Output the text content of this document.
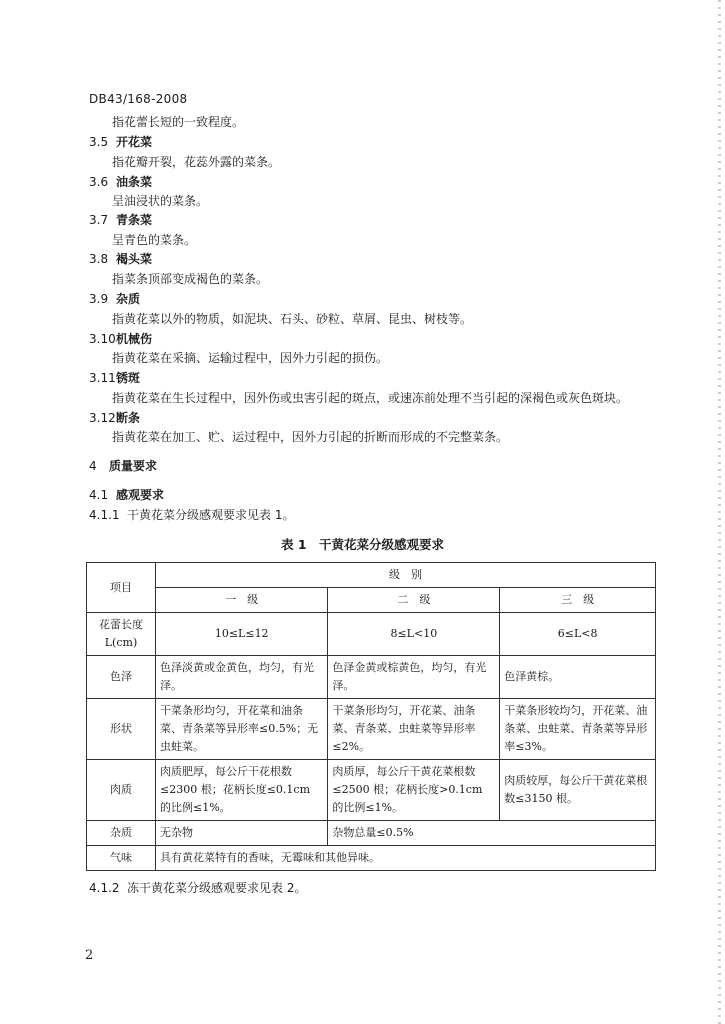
DB43/168-2008
指花蕾长短的一致程度。
3.5 开花菜
指花瓣开裂，花蕊外露的菜条。
3.6 油条菜
呈油浸状的菜条。
3.7 青条菜
呈青色的菜条。
3.8 褐头菜
指菜条顶部变成褐色的菜条。
3.9 杂质
指黄花菜以外的物质，如泥块、石头、砂粒、草屑、昆虫、树枝等。
3.10机械伤
指黄花菜在采摘、运输过程中，因外力引起的损伤。
3.11锈斑
指黄花菜在生长过程中，因外伤或虫害引起的斑点，或速冻前处理不当引起的深褐色或灰色斑块。
3.12断条
指黄花菜在加工、贮、运过程中，因外力引起的折断而形成的不完整菜条。
4 质量要求
4.1 感观要求
4.1.1 干黄花菜分级感观要求见表 1。
表 1　干黄花菜分级感观要求
项目	级　别		
	一　级	二　级	三　级
花蕾长度 L(cm)	10≤L≤12	8≤L<10	6≤L<8
色泽	色泽淡黄或金黄色，均匀，有光泽。	色泽金黄或棕黄色，均匀，有光泽。	色泽黄棕。
形状	干菜条形均匀，开花菜和油条菜、青条菜等异形率≤0.5%；无虫蛀菜。	干菜条形均匀，开花菜、油条菜、青条菜、虫蛀菜等异形率≤2%。	干菜条形较均匀，开花菜、油条菜、虫蛀菜、青条菜等异形率≤3%。
肉质	肉质肥厚，每公斤干花根数≤2300 根；花柄长度≤0.1cm 的比例≤1%。	肉质厚，每公斤干黄花菜根数≤2500 根；花柄长度>0.1cm 的比例≤1%。	肉质较厚，每公斤干黄花菜根数≤3150 根。
杂质	无杂物	杂物总量≤0.5%	
气味	具有黄花菜特有的香味，无霉味和其他异味。		
4.1.2 冻干黄花菜分级感观要求见表 2。
2
